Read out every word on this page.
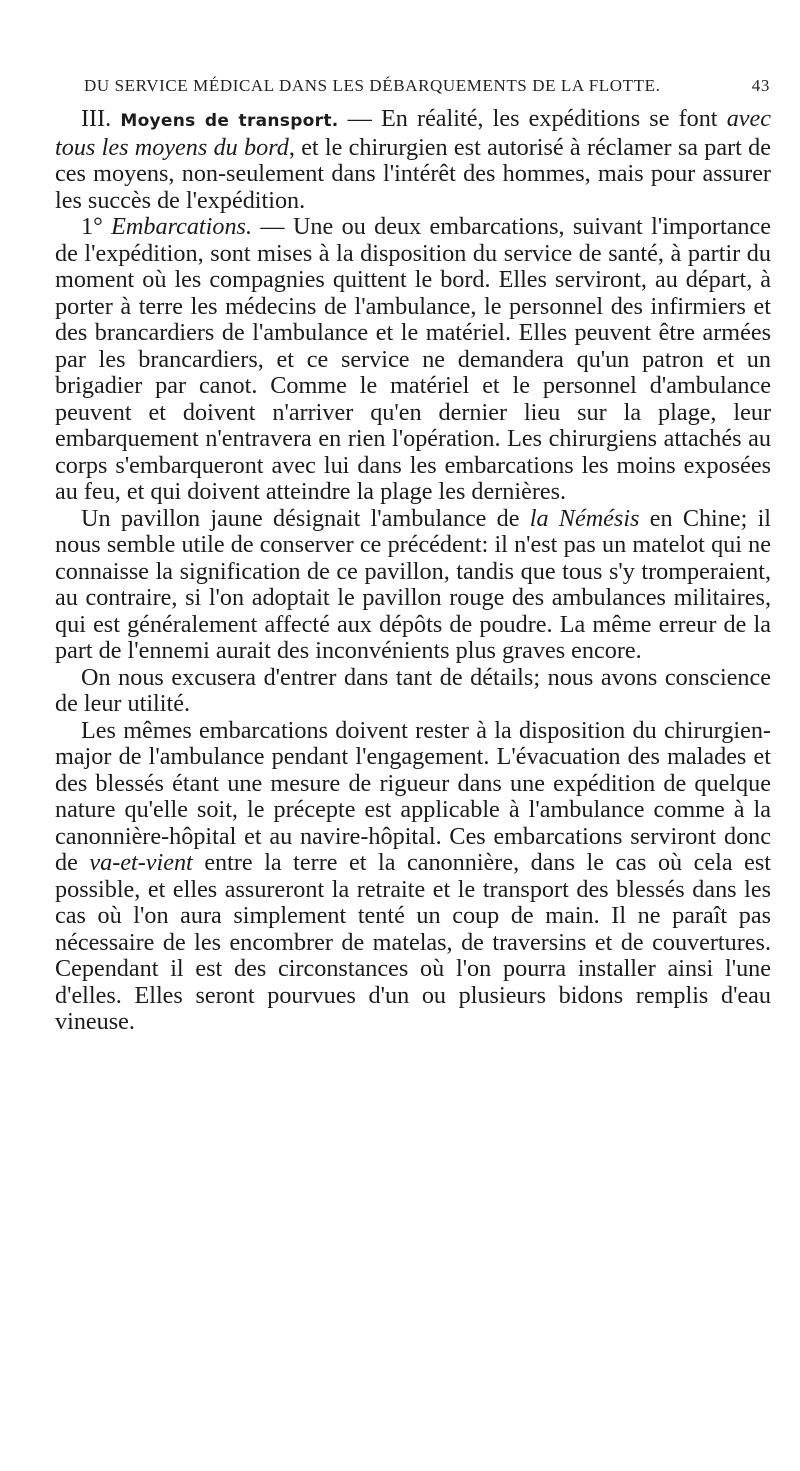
DU SERVICE MÉDICAL DANS LES DÉBARQUEMENTS DE LA FLOTTE.	43

III. Moyens de transport. — En réalité, les expéditions se font avec tous les moyens du bord, et le chirurgien est autorisé à réclamer sa part de ces moyens, non-seulement dans l'intérêt des hommes, mais pour assurer les succès de l'expédition.

1° Embarcations. — Une ou deux embarcations, suivant l'importance de l'expédition, sont mises à la disposition du service de santé, à partir du moment où les compagnies quittent le bord. Elles serviront, au départ, à porter à terre les médecins de l'ambulance, le personnel des infirmiers et des brancardiers de l'ambulance et le matériel. Elles peuvent être armées par les brancardiers, et ce service ne demandera qu'un patron et un brigadier par canot. Comme le matériel et le personnel d'ambulance peuvent et doivent n'arriver qu'en dernier lieu sur la plage, leur embarquement n'entravera en rien l'opération. Les chirurgiens attachés au corps s'embarqueront avec lui dans les embarcations les moins exposées au feu, et qui doivent atteindre la plage les dernières.

Un pavillon jaune désignait l'ambulance de la Némésis en Chine; il nous semble utile de conserver ce précédent: il n'est pas un matelot qui ne connaisse la signification de ce pavillon, tandis que tous s'y tromperaient, au contraire, si l'on adoptait le pavillon rouge des ambulances militaires, qui est généralement affecté aux dépôts de poudre. La même erreur de la part de l'ennemi aurait des inconvénients plus graves encore.

On nous excusera d'entrer dans tant de détails; nous avons conscience de leur utilité.

Les mêmes embarcations doivent rester à la disposition du chirurgien-major de l'ambulance pendant l'engagement. L'évacuation des malades et des blessés étant une mesure de rigueur dans une expédition de quelque nature qu'elle soit, le précepte est applicable à l'ambulance comme à la canonnière-hôpital et au navire-hôpital. Ces embarcations serviront donc de va-et-vient entre la terre et la canonnière, dans le cas où cela est possible, et elles assureront la retraite et le transport des blessés dans les cas où l'on aura simplement tenté un coup de main. Il ne paraît pas nécessaire de les encombrer de matelas, de traversins et de couvertures. Cependant il est des circonstances où l'on pourra installer ainsi l'une d'elles. Elles seront pourvues d'un ou plusieurs bidons remplis d'eau vineuse.
